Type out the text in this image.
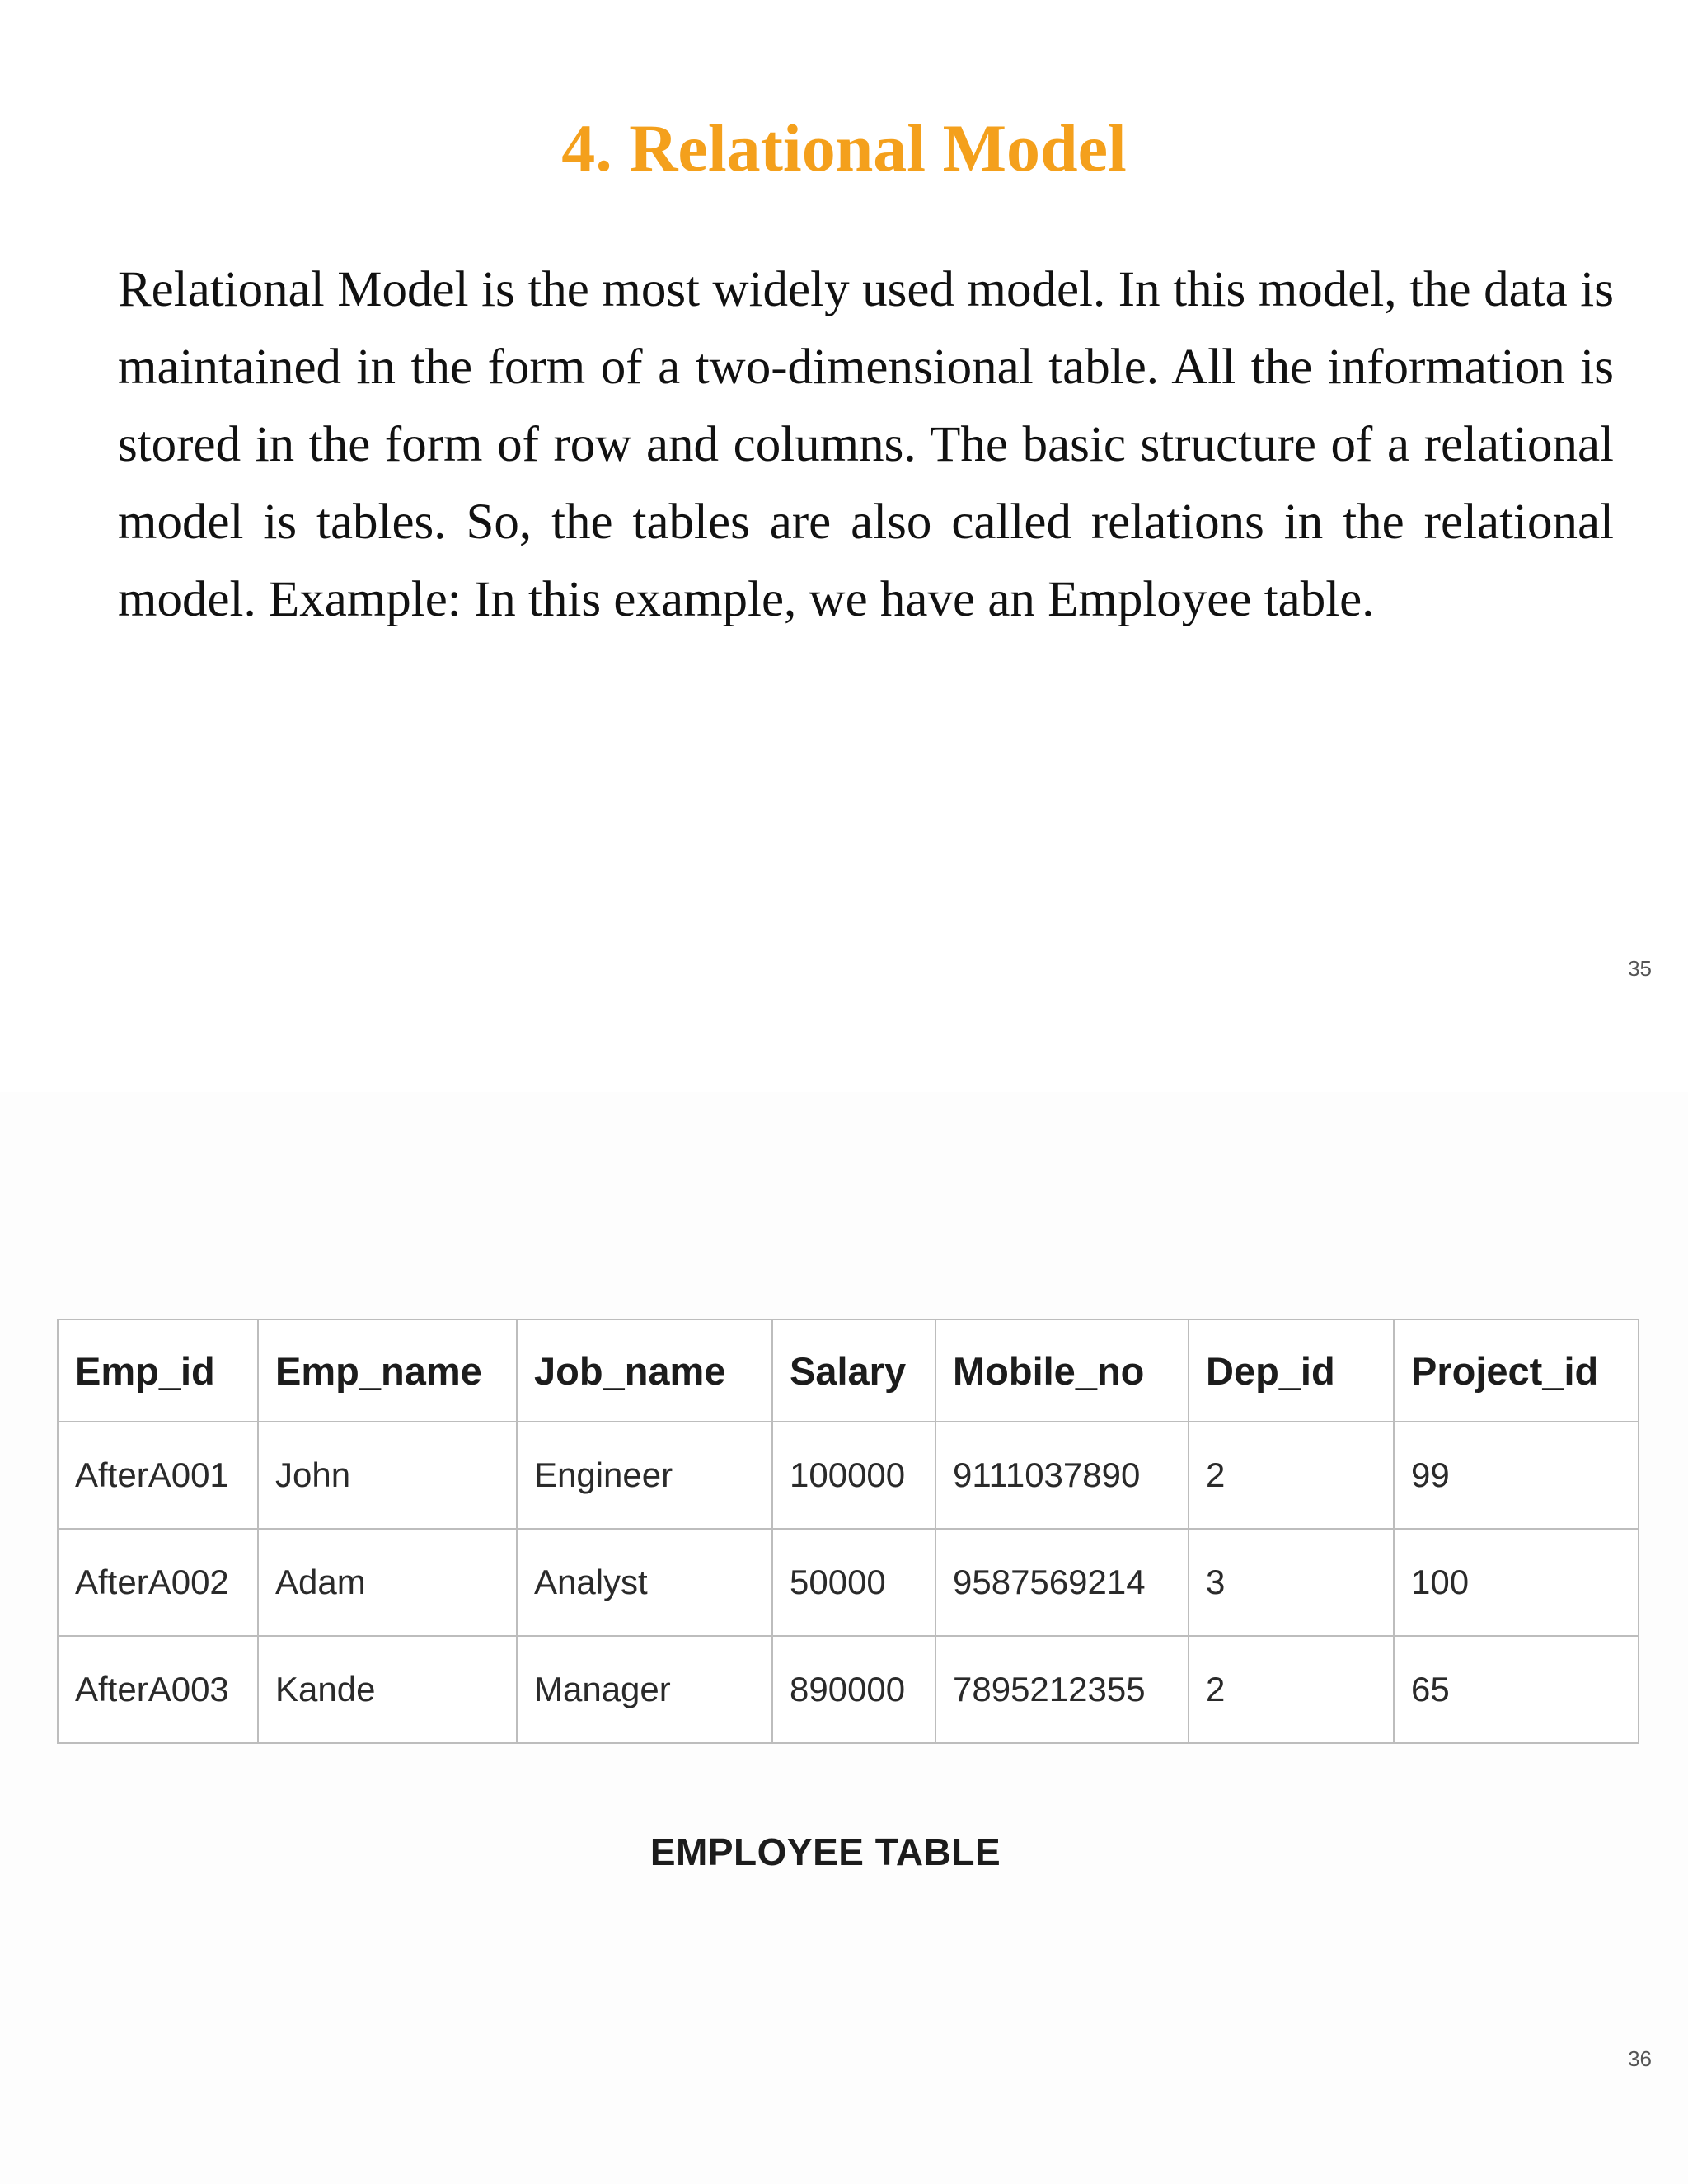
4. Relational Model

Relational Model is the most widely used model. In this model, the data is maintained in the form of a two-dimensional table. All the information is stored in the form of row and columns. The basic structure of a relational model is tables. So, the tables are also called relations in the relational model. Example: In this example, we have an Employee table.

35
Emp_id	Emp_name	Job_name	Salary	Mobile_no	Dep_id	Project_id
AfterA001	John	Engineer	100000	9111037890	2	99
AfterA002	Adam	Analyst	50000	9587569214	3	100
AfterA003	Kande	Manager	890000	7895212355	2	65
EMPLOYEE TABLE
36
